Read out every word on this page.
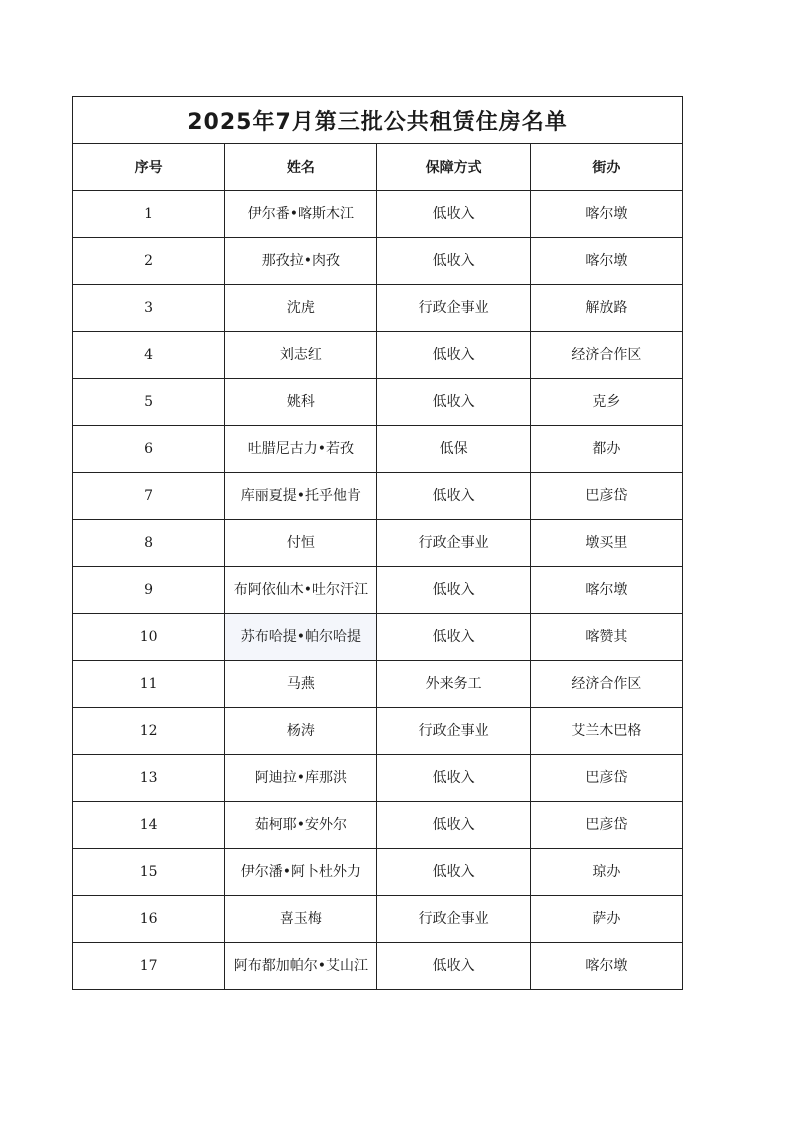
2025年7月第三批公共租赁住房名单			
序号	姓名	保障方式	街办
1	伊尔番•喀斯木江	低收入	喀尔墩
2	那孜拉•肉孜	低收入	喀尔墩
3	沈虎	行政企事业	解放路
4	刘志红	低收入	经济合作区
5	姚科	低收入	克乡
6	吐腊尼古力•若孜	低保	都办
7	库丽夏提•托乎他肯	低收入	巴彦岱
8	付恒	行政企事业	墩买里
9	布阿依仙木•吐尔汗江	低收入	喀尔墩
10	苏布哈提•帕尔哈提	低收入	喀赞其
11	马燕	外来务工	经济合作区
12	杨涛	行政企事业	艾兰木巴格
13	阿迪拉•库那洪	低收入	巴彦岱
14	茹柯耶•安外尔	低收入	巴彦岱
15	伊尔潘•阿卜杜外力	低收入	琼办
16	喜玉梅	行政企事业	萨办
17	阿布都加帕尔•艾山江	低收入	喀尔墩
